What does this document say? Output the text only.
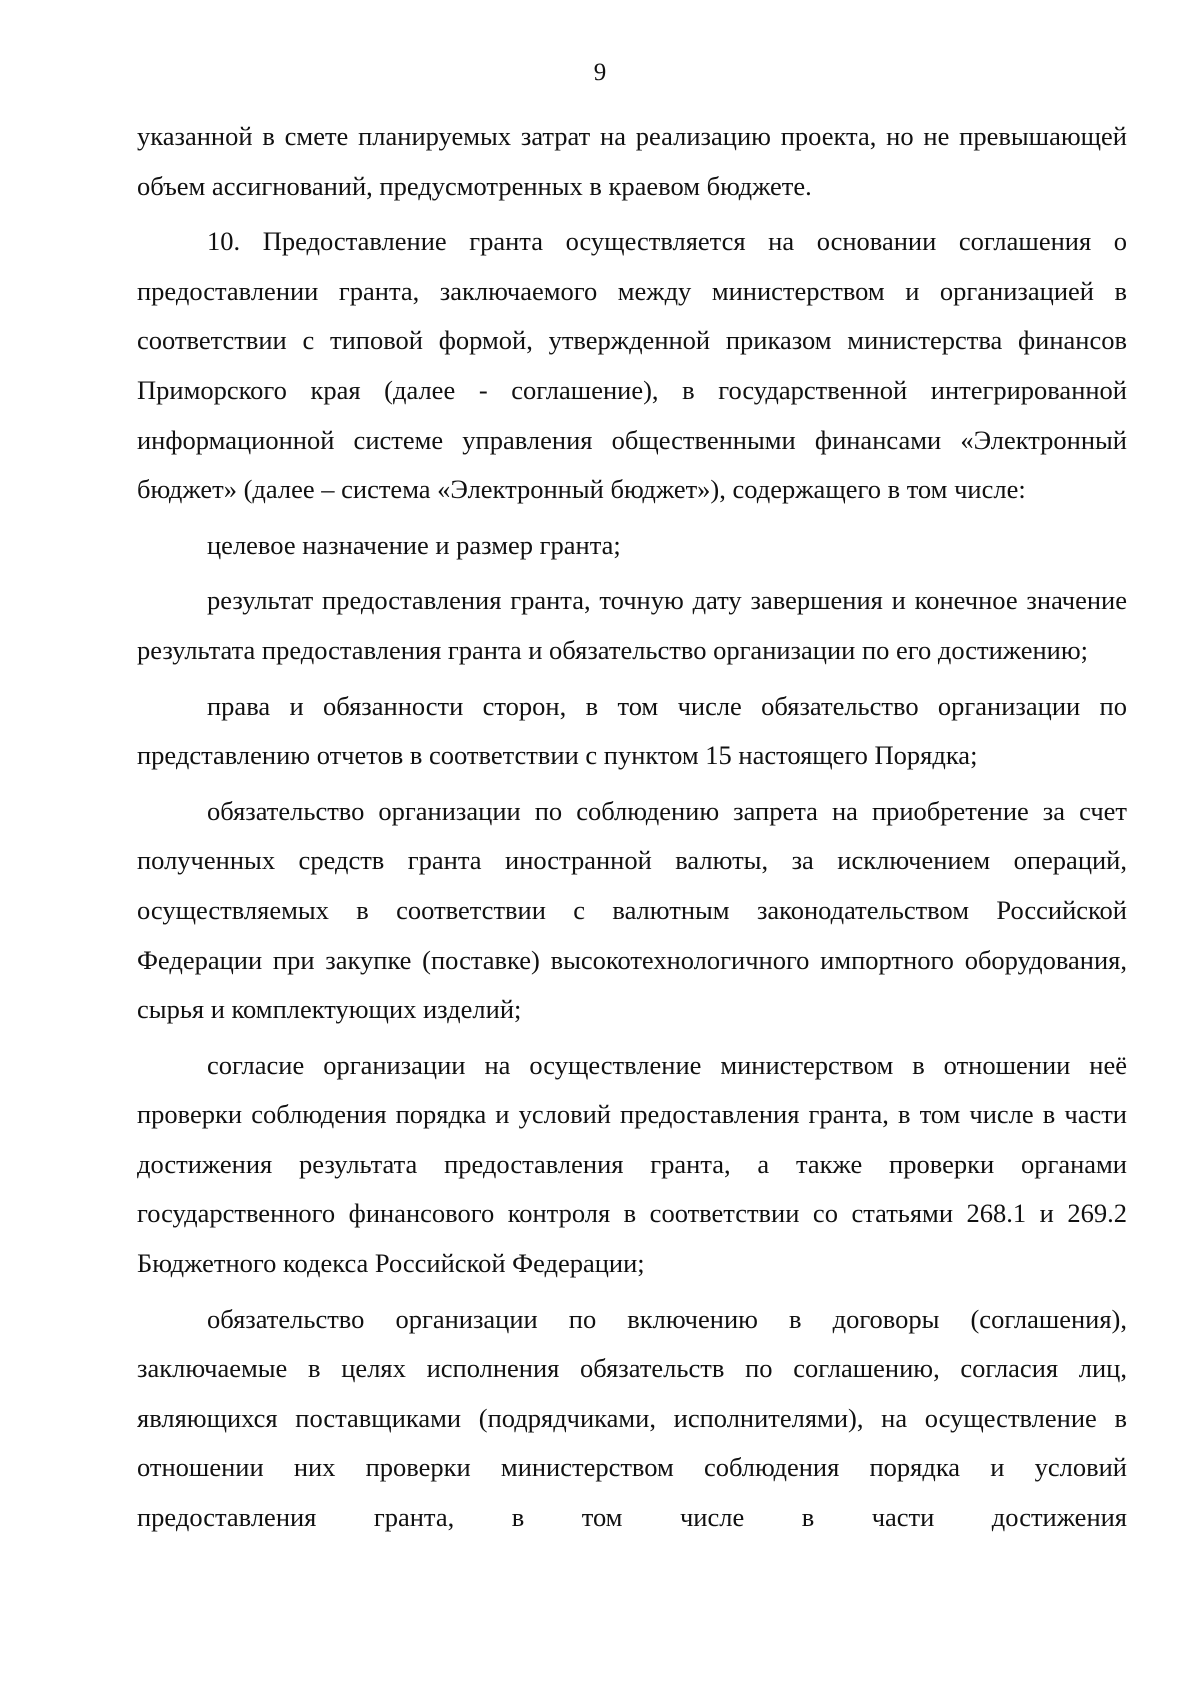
9

указанной в смете планируемых затрат на реализацию проекта, но не превышающей объем ассигнований, предусмотренных в краевом бюджете.

10. Предоставление гранта осуществляется на основании соглашения о предоставлении гранта, заключаемого между министерством и организацией в соответствии с типовой формой, утвержденной приказом министерства финансов Приморского края (далее - соглашение), в государственной интегрированной информационной системе управления общественными финансами «Электронный бюджет» (далее – система «Электронный бюджет»), содержащего в том числе:

целевое назначение и размер гранта;

результат предоставления гранта, точную дату завершения и конечное значение результата предоставления гранта и обязательство организации по его достижению;

права и обязанности сторон, в том числе обязательство организации по представлению отчетов в соответствии с пунктом 15 настоящего Порядка;

обязательство организации по соблюдению запрета на приобретение за счет полученных средств гранта иностранной валюты, за исключением операций, осуществляемых в соответствии с валютным законодательством Российской Федерации при закупке (поставке) высокотехнологичного импортного оборудования, сырья и комплектующих изделий;

согласие организации на осуществление министерством в отношении неё проверки соблюдения порядка и условий предоставления гранта, в том числе в части достижения результата предоставления гранта, а также проверки органами государственного финансового контроля в соответствии со статьями 268.1 и 269.2 Бюджетного кодекса Российской Федерации;

обязательство организации по включению в договоры (соглашения), заключаемые в целях исполнения обязательств по соглашению, согласия лиц, являющихся поставщиками (подрядчиками, исполнителями), на осуществление в отношении них проверки министерством соблюдения порядка и условий предоставления гранта, в том числе в части достижения
